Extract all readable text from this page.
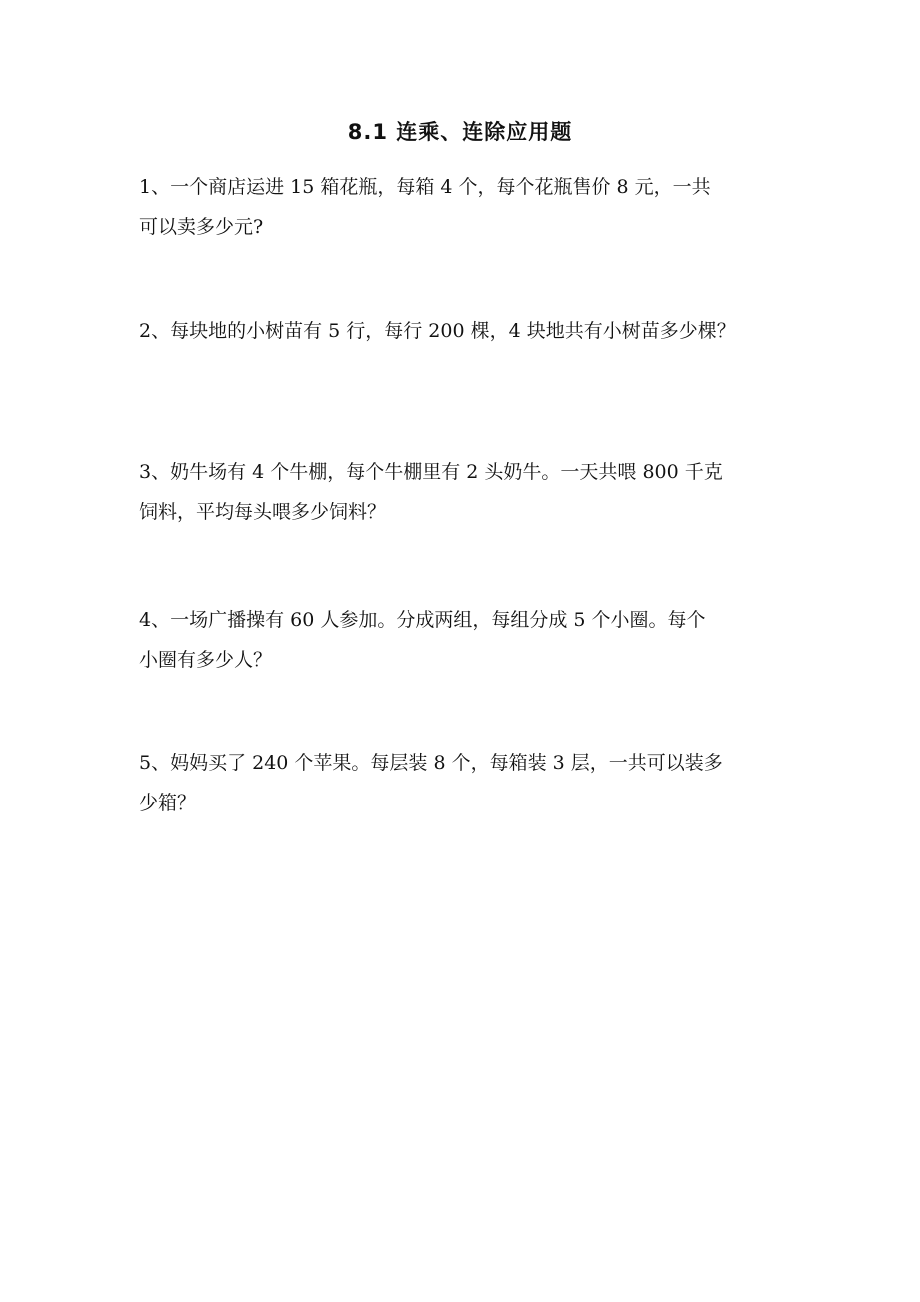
8.1 连乘、连除应用题
1、一个商店运进 15 箱花瓶，每箱 4 个，每个花瓶售价 8 元，一共
可以卖多少元?
2、每块地的小树苗有 5 行，每行 200 棵，4 块地共有小树苗多少棵？
3、奶牛场有 4 个牛棚，每个牛棚里有 2 头奶牛。一天共喂 800 千克
饲料，平均每头喂多少饲料？
4、一场广播操有 60 人参加。分成两组，每组分成 5 个小圈。每个
小圈有多少人？
5、妈妈买了 240 个苹果。每层装 8 个，每箱装 3 层，一共可以装多
少箱？
